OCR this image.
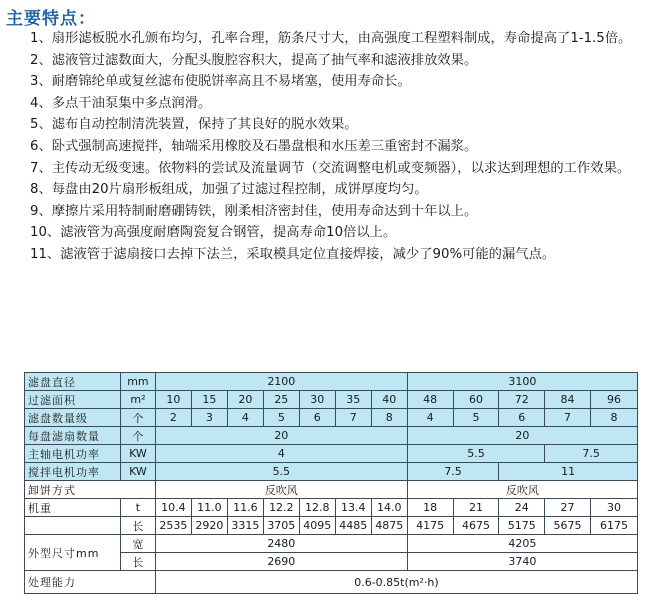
主要特点：

1、扇形滤板脱水孔颁布均匀，孔率合理，筋条尺寸大，由高强度工程塑料制成，寿命提高了1-1.5倍。

2、滤液管过滤数面大，分配头腹腔容积大，提高了抽气率和滤液排放效果。

3、耐磨锦纶单或复丝滤布使脱饼率高且不易堵塞，使用寿命长。

4、多点干油泵集中多点润滑。

5、滤布自动控制清洗装置，保持了其良好的脱水效果。

6、卧式强制高速搅拌，轴端采用橡胶及石墨盘根和水压差三重密封不漏浆。

7、主传动无级变速。依物料的尝试及流量调节（交流调整电机或变频器），以求达到理想的工作效果。

8、每盘由20片扇形板组成，加强了过滤过程控制，成饼厚度均匀。

9、摩擦片采用特制耐磨硼铸铁，刚柔相济密封佳，使用寿命达到十年以上。

10、滤液管为高强度耐磨陶瓷复合钢管，提高寿命10倍以上。

11、滤液管于滤扇接口去掉下法兰，采取模具定位直接焊接，减少了90%可能的漏气点。

滤盘直径	mm	2100							3100				
过滤面积	m²	10	15	20	25	30	35	40	48	60	72	84	96
滤盘数量级	个	2	3	4	5	6	7	8	4	5	6	7	8
每盘滤扇数量	个	20							20				
主轴电机功率	KW	4							5.5			7.5	
搅拌电机功率	KW	5.5							7.5		11		
卸饼方式		反吹风							反吹风				
机重	t	10.4	11.0	11.6	12.2	12.8	13.4	14.0	18	21	24	27	30
	长	2535	2920	3315	3705	4095	4485	4875	4175	4675	5175	5675	6175
外型尺寸mm	宽	2480							4205				
	长	2690							3740				
处理能力		0.6-0.85t(m²·h)											
